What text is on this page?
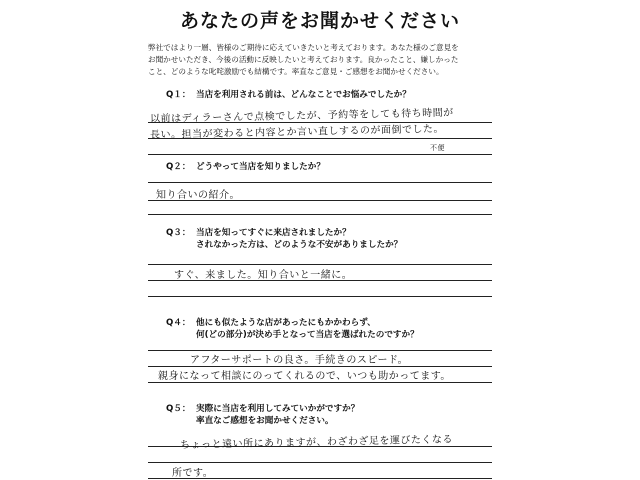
あなたの声をお聞かせください
弊社ではより一層、皆様のご期待に応えていきたいと考えております。あなた様のご意見を
お聞かせいただき、今後の活動に反映したいと考えております。良かったこと、嫌しかった
こと、どのような叱咤激励でも結構です。率直なご意見・ご感想をお聞かせください。
Q１： 当店を利用される前は、どんなことでお悩みでしたか？
以前はディラーさんで点検でしたが、予約等をしても待ち時間が
長い。担当が変わると内容とか言い直しするのが面倒でした。
不便
Q２： どうやって当店を知りましたか？
知り合いの紹介。
Q３： 当店を知ってすぐに来店されましたか？
されなかった方は、どのような不安がありましたか？
すぐ、来ました。知り合いと一緒に。
Q４： 他にも似たような店があったにもかかわらず、
何(どの部分)が決め手となって当店を選ばれたのですか？
アフターサポートの良さ。手続きのスピード。
親身になって相談にのってくれるので、いつも助かってます。
Q５： 実際に当店を利用してみていかがですか？
率直なご感想をお聞かせください。
ちょっと遠い所にありますが、わざわざ足を運びたくなる
所です。
